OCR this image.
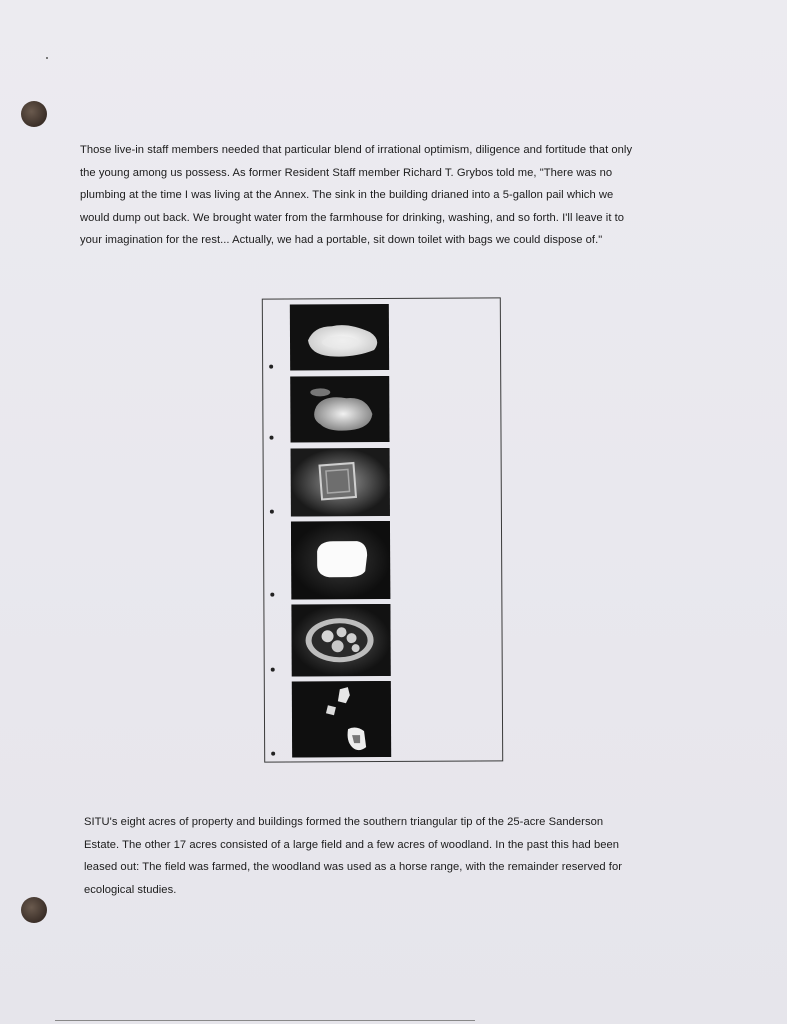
Those live-in staff members needed that particular blend of irrational optimism, diligence and fortitude that only
the young among us possess. As former Resident Staff member Richard T. Grybos told me, "There was no
plumbing at the time I was living at the Annex. The sink in the building drianed into a 5-gallon pail which we
would dump out back. We brought water from the farmhouse for drinking, washing, and so forth. I'll leave it to
your imagination for the rest... Actually, we had a portable, sit down toilet with bags we could dispose of."

SITU's eight acres of property and buildings formed the southern triangular tip of the 25-acre Sanderson
Estate. The other 17 acres consisted of a large field and a few acres of woodland. In the past this had been
leased out: The field was farmed, the woodland was used as a horse range, with the remainder reserved for
ecological studies.
